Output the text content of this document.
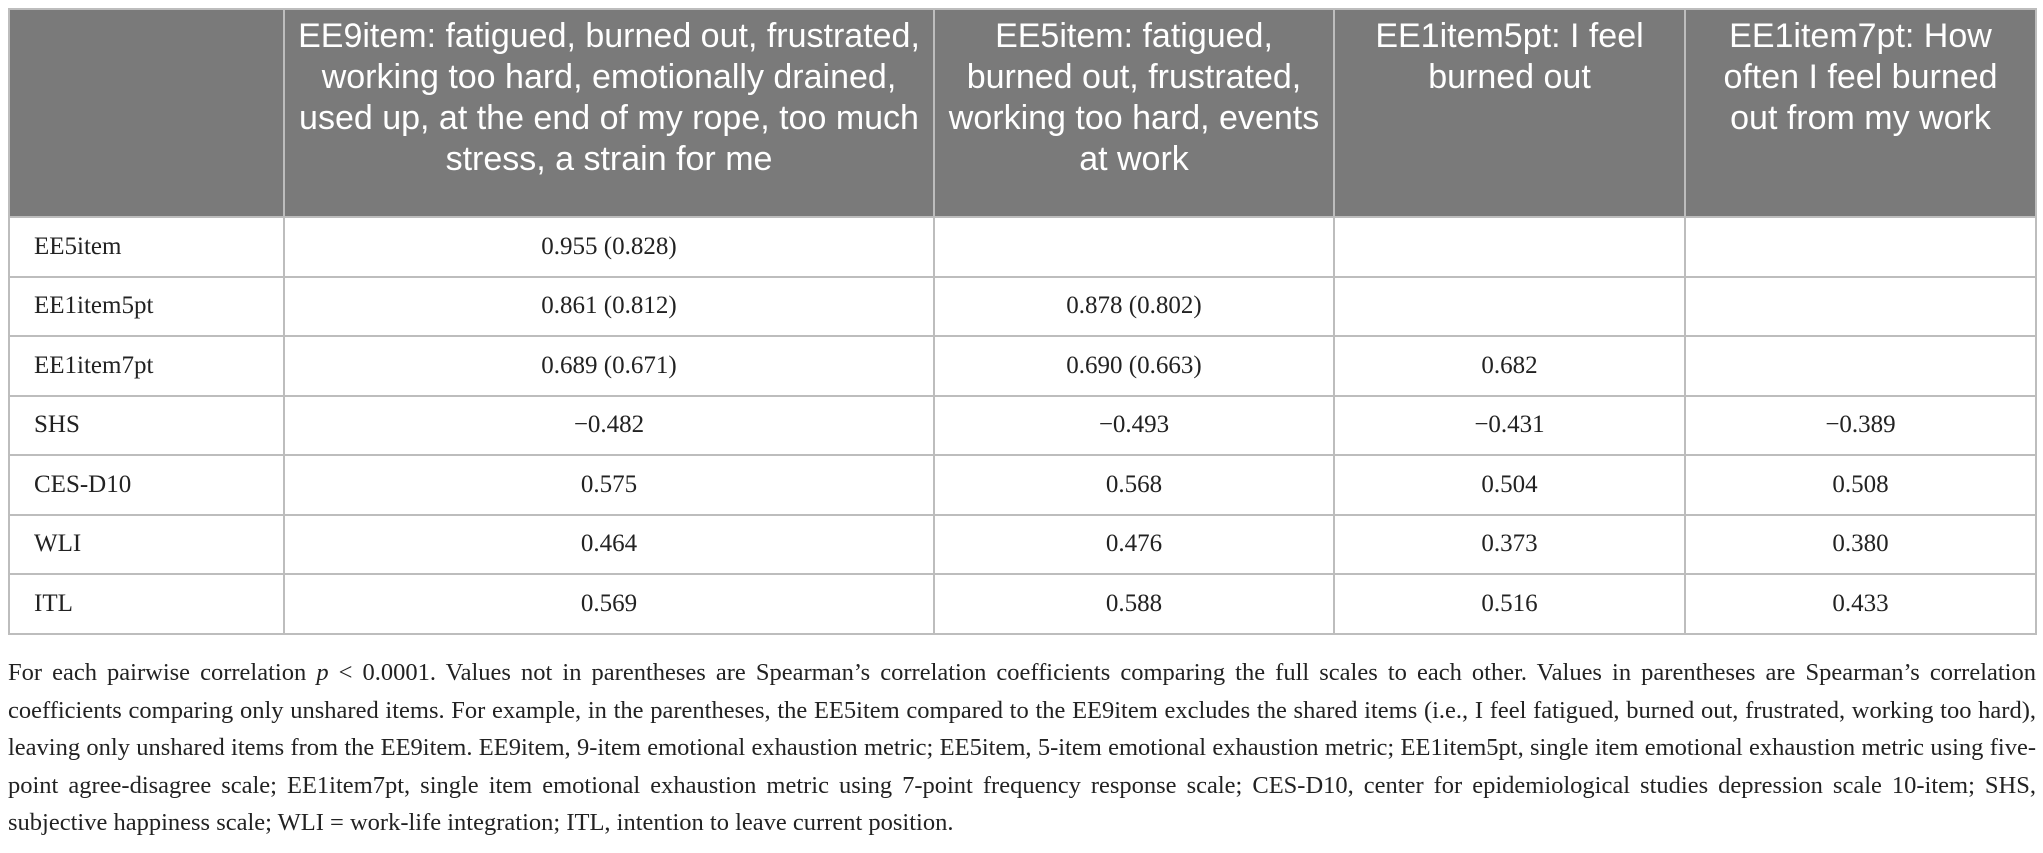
	EE9item: fatigued, burned out, frustrated, working too hard, emotionally drained, used up, at the end of my rope, too much stress, a strain for me	EE5item: fatigued, burned out, frustrated, working too hard, events at work	EE1item5pt: I feel burned out	EE1item7pt: How often I feel burned out from my work
EE5item	0.955 (0.828)			
EE1item5pt	0.861 (0.812)	0.878 (0.802)		
EE1item7pt	0.689 (0.671)	0.690 (0.663)	0.682	
SHS	−0.482	−0.493	−0.431	−0.389
CES-D10	0.575	0.568	0.504	0.508
WLI	0.464	0.476	0.373	0.380
ITL	0.569	0.588	0.516	0.433

For each pairwise correlation p < 0.0001. Values not in parentheses are Spearman’s correlation coefficients comparing the full scales to each other. Values in parentheses are Spearman’s correlation coefficients comparing only unshared items. For example, in the parentheses, the EE5item compared to the EE9item excludes the shared items (i.e., I feel fatigued, burned out, frustrated, working too hard), leaving only unshared items from the EE9item. EE9item, 9-item emotional exhaustion metric; EE5item, 5-item emotional exhaustion metric; EE1item5pt, single item emotional exhaustion metric using five-point agree-disagree scale; EE1item7pt, single item emotional exhaustion metric using 7-point frequency response scale; CES-D10, center for epidemiological studies depression scale 10-item; SHS, subjective happiness scale; WLI = work-life integration; ITL, intention to leave current position.
